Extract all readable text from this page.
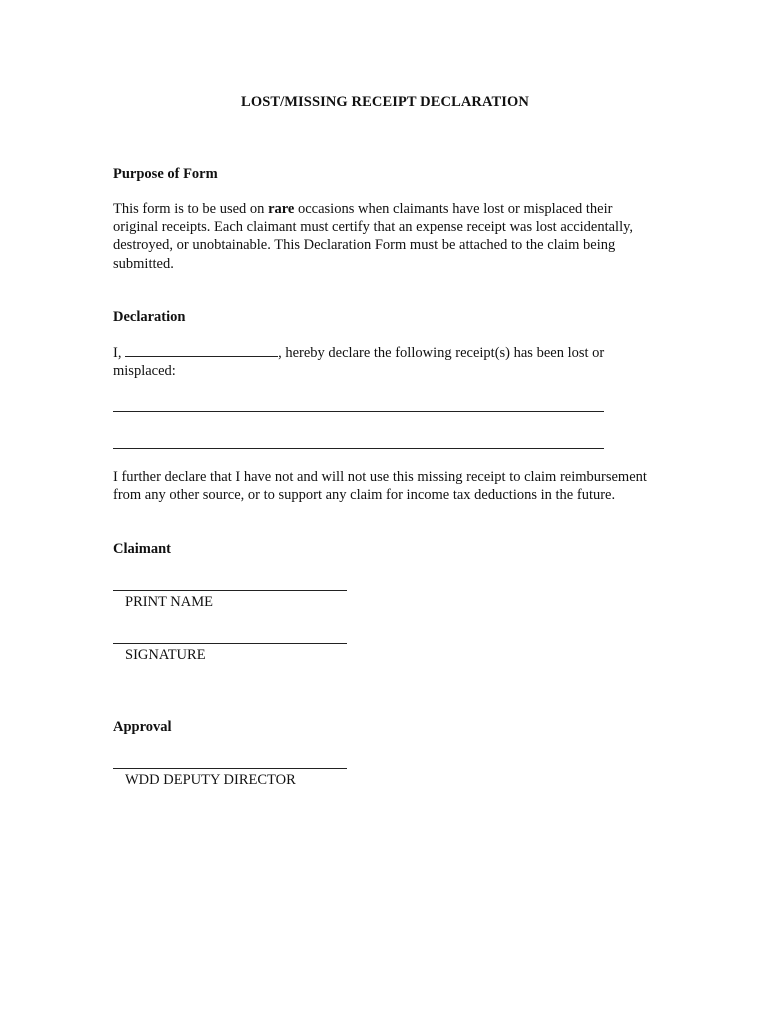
LOST/MISSING RECEIPT DECLARATION
Purpose of Form
This form is to be used on rare occasions when claimants have lost or misplaced their original receipts. Each claimant must certify that an expense receipt was lost accidentally, destroyed, or unobtainable. This Declaration Form must be attached to the claim being submitted.
Declaration
I,	, hereby declare the following receipt(s) has been lost or misplaced:
I further declare that I have not and will not use this missing receipt to claim reimbursement from any other source, or to support any claim for income tax deductions in the future.
Claimant
PRINT NAME
SIGNATURE
Approval
WDD DEPUTY DIRECTOR
